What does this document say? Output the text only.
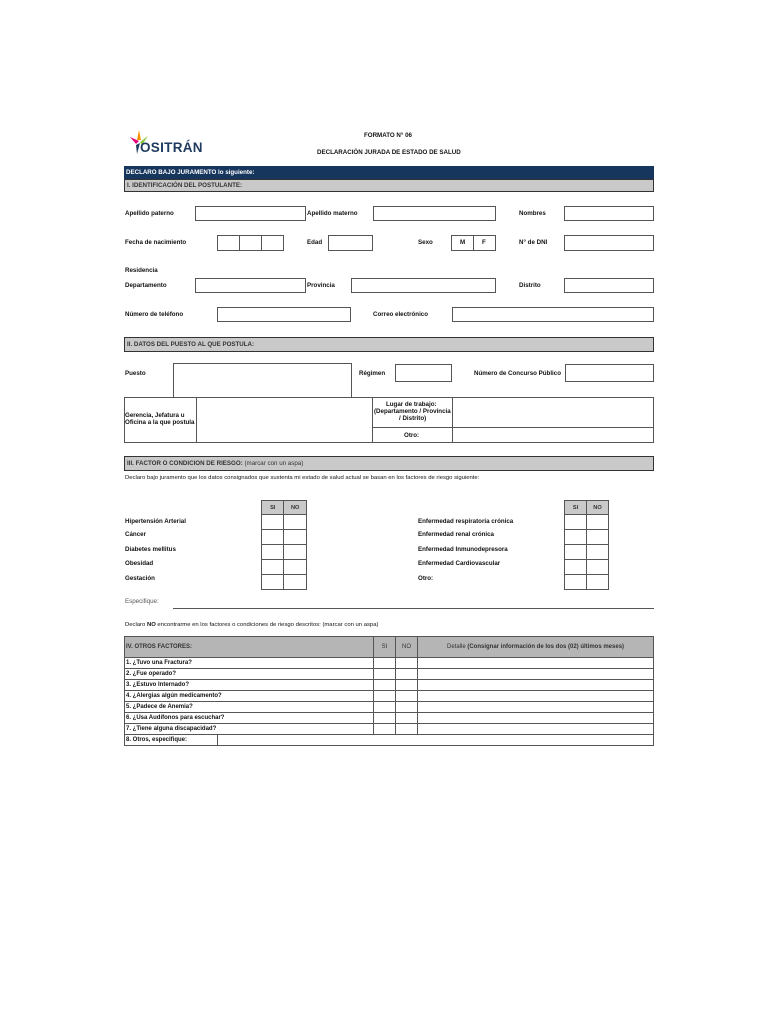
OSITRÁN
FORMATO N° 06
DECLARACIÓN JURADA DE ESTADO DE SALUD
DECLARO BAJO JURAMENTO lo siguiente:
I. IDENTIFICACIÓN DEL POSTULANTE:
Apellido paterno	Apellido materno	Nombres
Fecha de nacimiento	Edad	Sexo	M	F	N° de DNI
Residencia
Departamento	Provincia	Distrito
Número de teléfono	Correo electrónico
II. DATOS DEL PUESTO AL QUE POSTULA:
Puesto	Régimen	Número de Concurso Público
Gerencia, Jefatura u
Oficina a la que postula
Lugar de trabajo:
(Departamento / Provincia
/ Distrito)
Otro:
III. FACTOR O CONDICION DE RIESGO: (marcar con un aspa)
Declaro bajo juramento que los datos consignados que sustenta mi estado de salud actual se basan en los factores de riesgo siguiente:
SI	NO

Hipertensión Arterial
Cáncer
Diabetes mellitus
Obesidad
Gestación
SI	NO

Enfermedad respiratoria crónica
Enfermedad renal crónica
Enfermedad Inmunodepresora
Enfermedad Cardiovascular
Otro:
Especifique:
Declaro NO encontrarme en los factores o condiciones de riesgo descritos: (marcar con un aspa)
IV. OTROS FACTORES:		SI	NO	Detalle (Consignar información de los dos (02) últimos meses)
1. ¿Tuvo una Fractura?				
2. ¿Fue operado?				
3. ¿Estuvo Internado?				
4. ¿Alergias algún medicamento?				
5. ¿Padece de Anemia?				
6. ¿Usa Audífonos para escuchar?				
7. ¿Tiene alguna discapacidad?				
8. Otros, especifique:				
